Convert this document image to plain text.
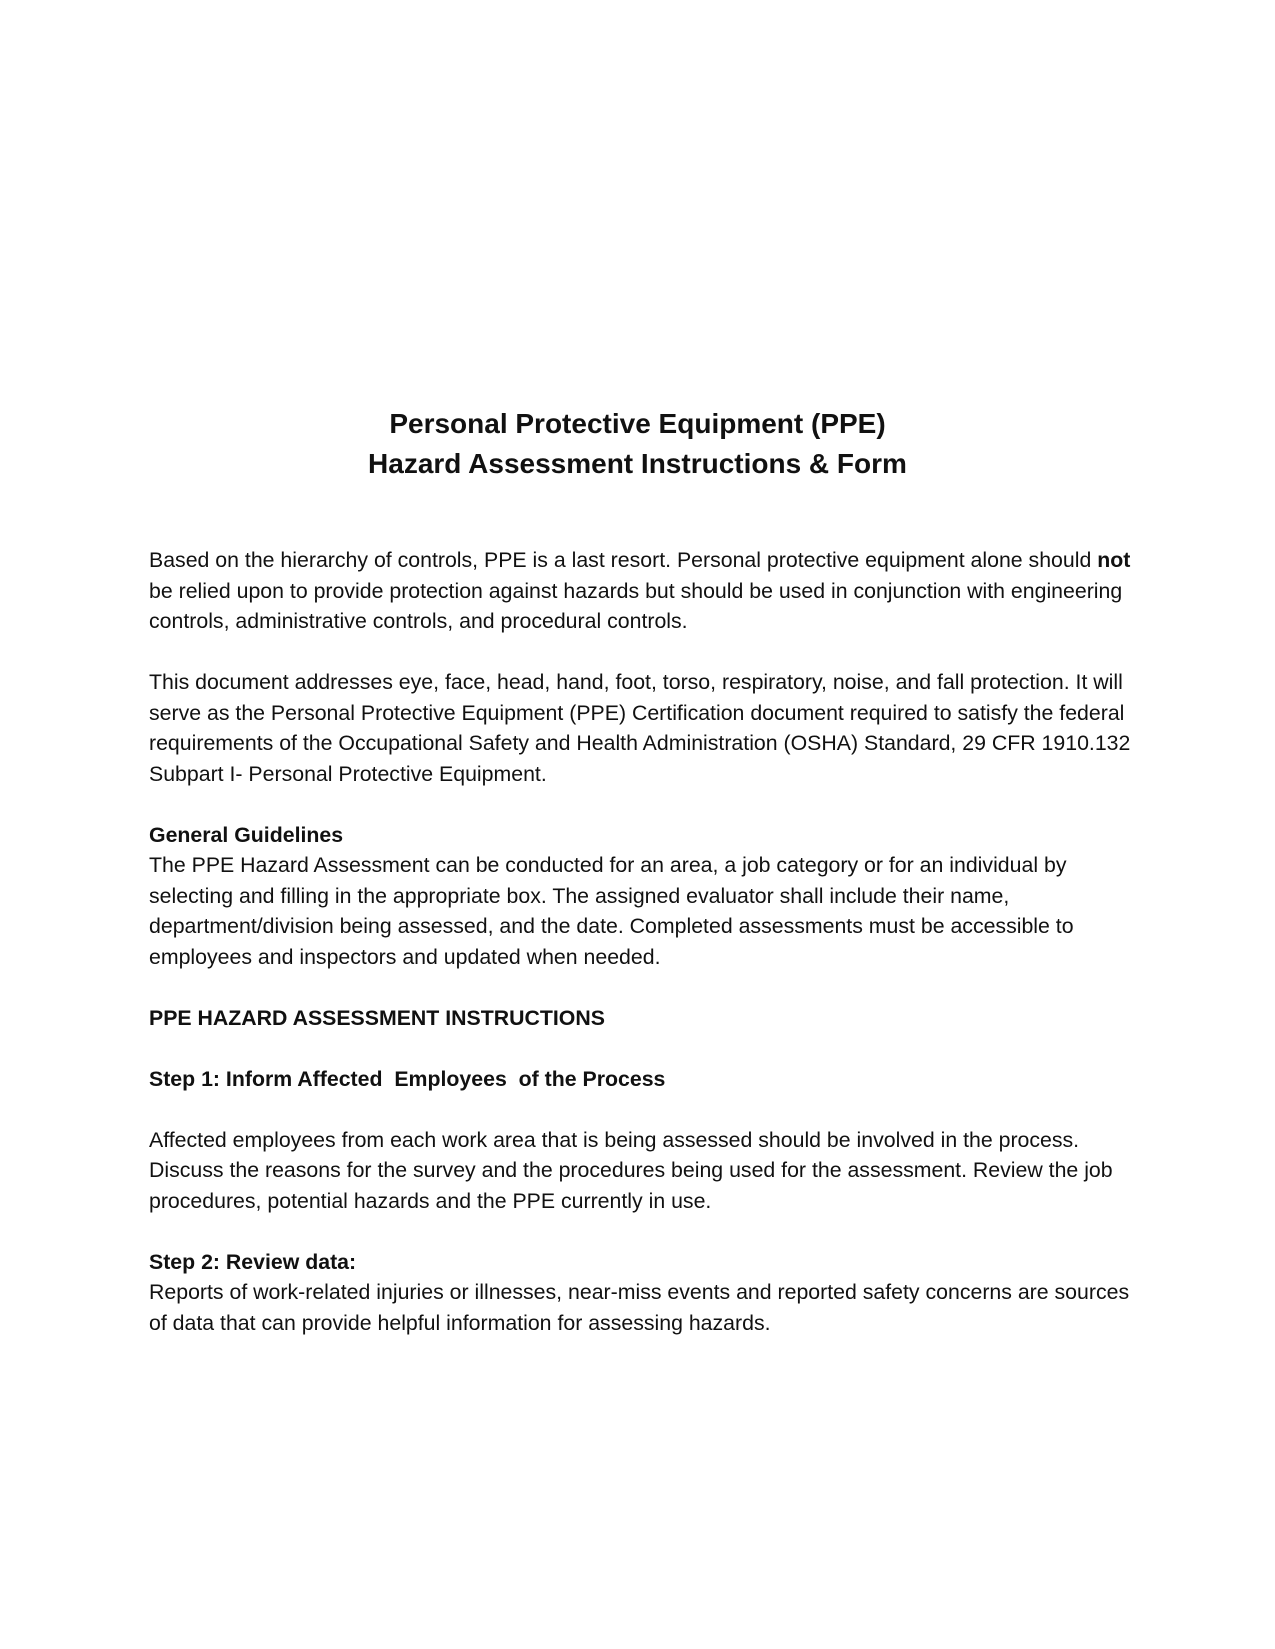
Personal Protective Equipment (PPE)
Hazard Assessment Instructions & Form

Based on the hierarchy of controls, PPE is a last resort. Personal protective equipment alone should not be relied upon to provide protection against hazards but should be used in conjunction with engineering controls, administrative controls, and procedural controls.

This document addresses eye, face, head, hand, foot, torso, respiratory, noise, and fall protection. It will serve as the Personal Protective Equipment (PPE) Certification document required to satisfy the federal requirements of the Occupational Safety and Health Administration (OSHA) Standard, 29 CFR 1910.132 Subpart I- Personal Protective Equipment.

General Guidelines

The PPE Hazard Assessment can be conducted for an area, a job category or for an individual by selecting and filling in the appropriate box. The assigned evaluator shall include their name, department/division being assessed, and the date. Completed assessments must be accessible to employees and inspectors and updated when needed.

PPE HAZARD ASSESSMENT INSTRUCTIONS
Step 1: Inform Affected  Employees  of the Process

Affected employees from each work area that is being assessed should be involved in the process. Discuss the reasons for the survey and the procedures being used for the assessment. Review the job procedures, potential hazards and the PPE currently in use.

Step 2: Review data:

Reports of work-related injuries or illnesses, near-miss events and reported safety concerns are sources of data that can provide helpful information for assessing hazards.
